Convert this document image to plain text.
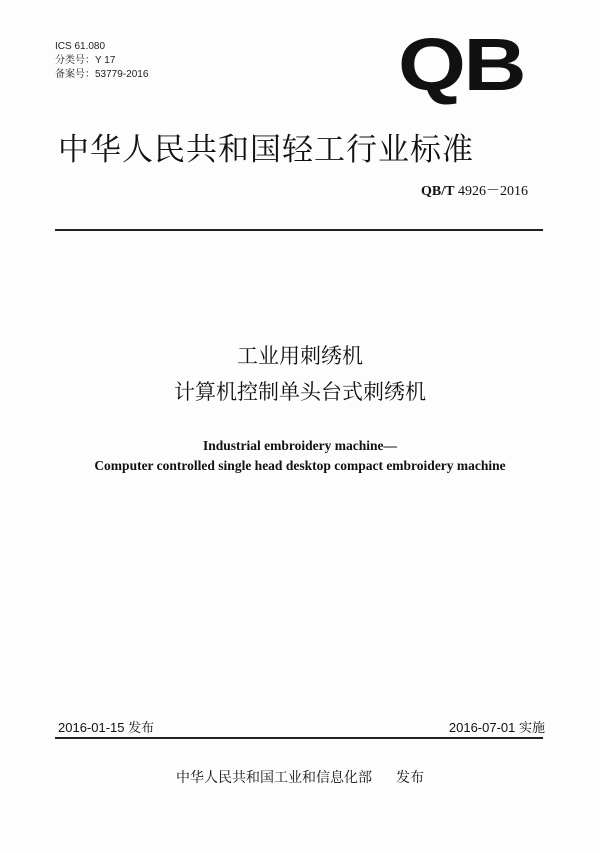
ICS 61.080
分类号：Y 17
备案号：53779-2016	QB
中华人民共和国轻工行业标准
QB/T 4926－2016
工业用刺绣机
计算机控制单头台式刺绣机
Industrial embroidery machine—
Computer controlled single head desktop compact embroidery machine
2016-01-15 发布	2016-07-01 实施
中华人民共和国工业和信息化部 发布
